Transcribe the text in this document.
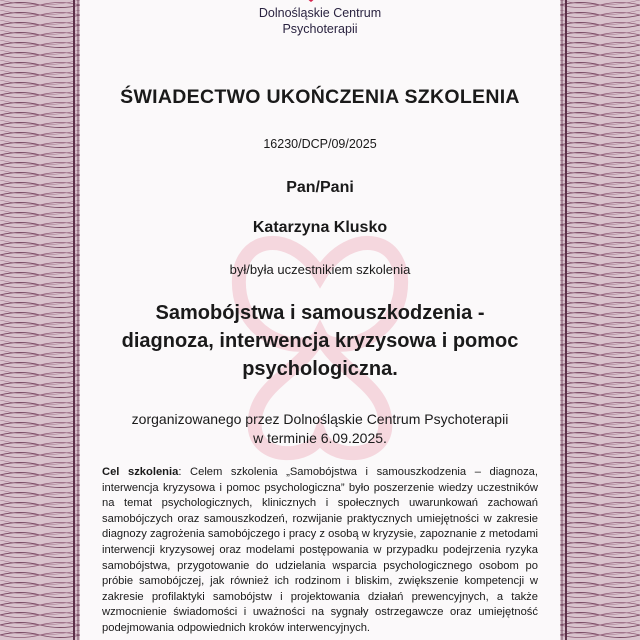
Dolnośląskie Centrum
Psychoterapii
ŚWIADECTWO UKOŃCZENIA SZKOLENIA
16230/DCP/09/2025
Pan/Pani
Katarzyna Klusko
był/była uczestnikiem szkolenia
Samobójstwa i samouszkodzenia -
diagnoza, interwencja kryzysowa i pomoc
psychologiczna.
zorganizowanego przez Dolnośląskie Centrum Psychoterapii
w terminie 6.09.2025.
Cel szkolenia: Celem szkolenia „Samobójstwa i samouszkodzenia – diagnoza, interwencja kryzysowa i pomoc psychologiczna” było poszerzenie wiedzy uczestników na temat psychologicznych, klinicznych i społecznych uwarunkowań zachowań samobójczych oraz samouszkodzeń, rozwijanie praktycznych umiejętności w zakresie diagnozy zagrożenia samobójczego i pracy z osobą w kryzysie, zapoznanie z metodami interwencji kryzysowej oraz modelami postępowania w przypadku podejrzenia ryzyka samobójstwa, przygotowanie do udzielania wsparcia psychologicznego osobom po próbie samobójczej, jak również ich rodzinom i bliskim, zwiększenie kompetencji w zakresie profilaktyki samobójstw i projektowania działań prewencyjnych, a także wzmocnienie świadomości i uważności na sygnały ostrzegawcze oraz umiejętność podejmowania odpowiednich kroków interwencyjnych.
